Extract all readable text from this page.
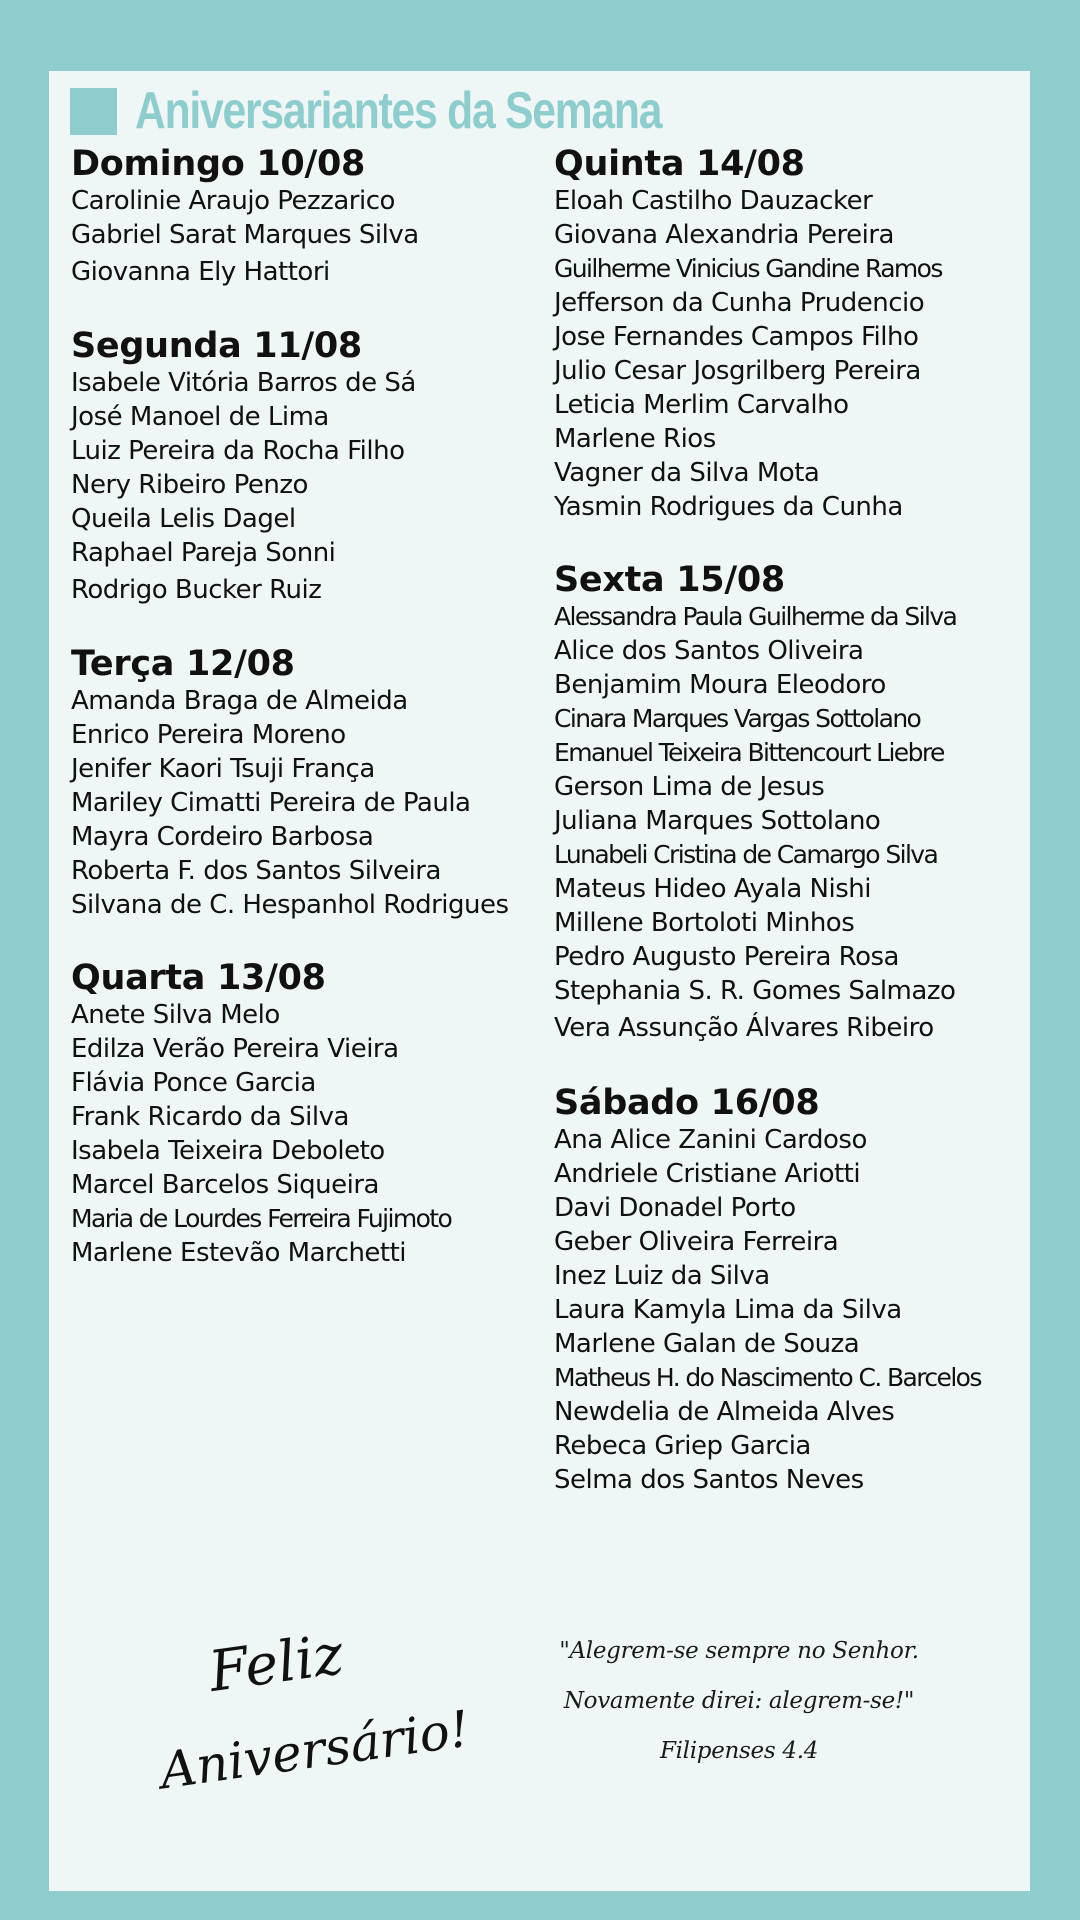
Aniversariantes da Semana
Domingo 10/08
Carolinie Araujo Pezzarico
Gabriel Sarat Marques Silva
Giovanna Ely Hattori
Segunda 11/08
Isabele Vitória Barros de Sá
José Manoel de Lima
Luiz Pereira da Rocha Filho
Nery Ribeiro Penzo
Queila Lelis Dagel
Raphael Pareja Sonni
Rodrigo Bucker Ruiz
Terça 12/08
Amanda Braga de Almeida
Enrico Pereira Moreno
Jenifer Kaori Tsuji França
Mariley Cimatti Pereira de Paula
Mayra Cordeiro Barbosa
Roberta F. dos Santos Silveira
Silvana de C. Hespanhol Rodrigues
Quarta 13/08
Anete Silva Melo
Edilza Verão Pereira Vieira
Flávia Ponce Garcia
Frank Ricardo da Silva
Isabela Teixeira Deboleto
Marcel Barcelos Siqueira
Maria de Lourdes Ferreira Fujimoto
Marlene Estevão Marchetti
Quinta 14/08
Eloah Castilho Dauzacker
Giovana Alexandria Pereira
Guilherme Vinicius Gandine Ramos
Jefferson da Cunha Prudencio
Jose Fernandes Campos Filho
Julio Cesar Josgrilberg Pereira
Leticia Merlim Carvalho
Marlene Rios
Vagner da Silva Mota
Yasmin Rodrigues da Cunha
Sexta 15/08
Alessandra Paula Guilherme da Silva
Alice dos Santos Oliveira
Benjamim Moura Eleodoro
Cinara Marques Vargas Sottolano
Emanuel Teixeira Bittencourt Liebre
Gerson Lima de Jesus
Juliana Marques Sottolano
Lunabeli Cristina de Camargo Silva
Mateus Hideo Ayala Nishi
Millene Bortoloti Minhos
Pedro Augusto Pereira Rosa
Stephania S. R. Gomes Salmazo
Vera Assunção Álvares Ribeiro
Sábado 16/08
Ana Alice Zanini Cardoso
Andriele Cristiane Ariotti
Davi Donadel Porto
Geber Oliveira Ferreira
Inez Luiz da Silva
Laura Kamyla Lima da Silva
Marlene Galan de Souza
Matheus H. do Nascimento C. Barcelos
Newdelia de Almeida Alves
Rebeca Griep Garcia
Selma dos Santos Neves
Feliz
Aniversário!
"Alegrem-se sempre no Senhor.
Novamente direi: alegrem-se!"
Filipenses 4.4
